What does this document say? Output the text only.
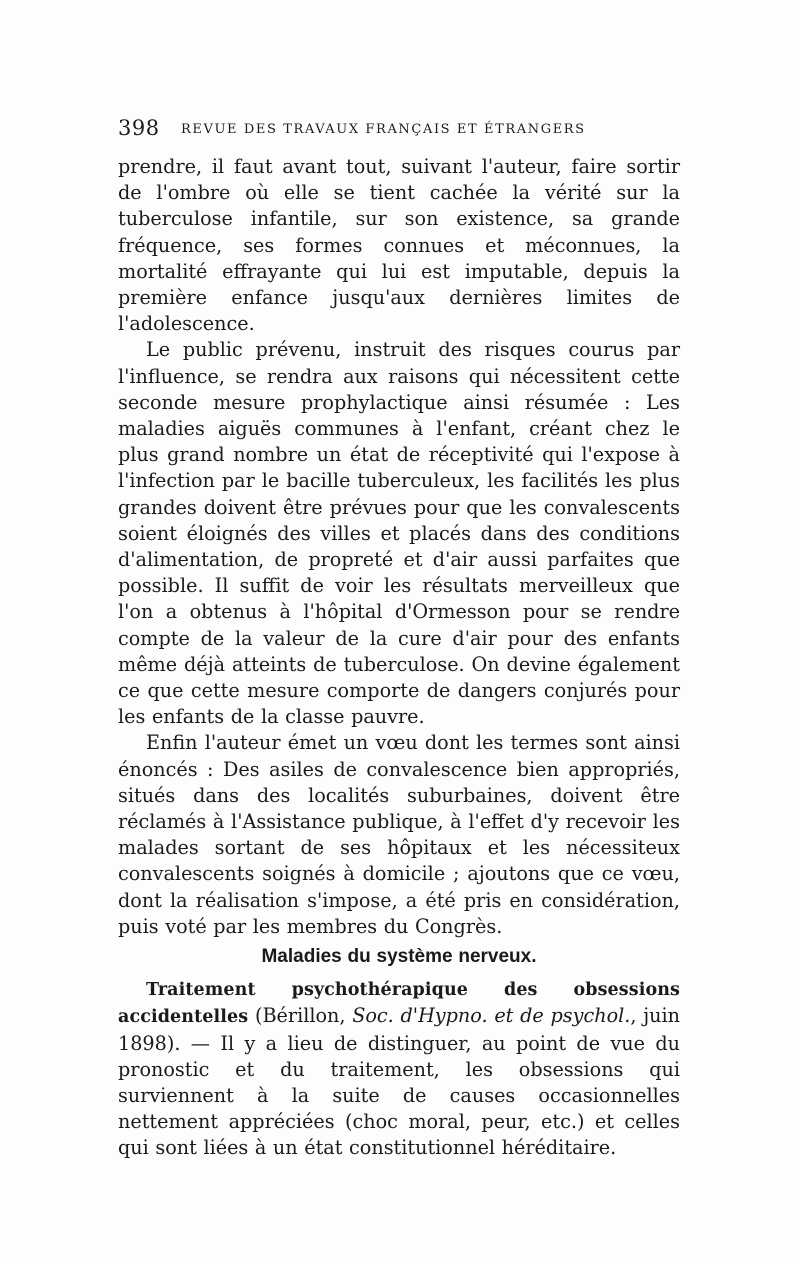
398 REVUE DES TRAVAUX FRANÇAIS ET ÉTRANGERS

prendre, il faut avant tout, suivant l'auteur, faire sortir de l'ombre où elle se tient cachée la vérité sur la tuberculose infantile, sur son existence, sa grande fréquence, ses formes connues et méconnues, la mortalité effrayante qui lui est imputable, depuis la première enfance jusqu'aux dernières limites de l'adolescence.

Le public prévenu, instruit des risques courus par l'influence, se rendra aux raisons qui nécessitent cette seconde mesure prophylactique ainsi résumée : Les maladies aiguës communes à l'enfant, créant chez le plus grand nombre un état de réceptivité qui l'expose à l'infection par le bacille tuberculeux, les facilités les plus grandes doivent être prévues pour que les convalescents soient éloignés des villes et placés dans des conditions d'alimentation, de propreté et d'air aussi parfaites que possible. Il suffit de voir les résultats merveilleux que l'on a obtenus à l'hôpital d'Ormesson pour se rendre compte de la valeur de la cure d'air pour des enfants même déjà atteints de tuberculose. On devine également ce que cette mesure comporte de dangers conjurés pour les enfants de la classe pauvre.

Enfin l'auteur émet un vœu dont les termes sont ainsi énoncés : Des asiles de convalescence bien appropriés, situés dans des localités suburbaines, doivent être réclamés à l'Assistance publique, à l'effet d'y recevoir les malades sortant de ses hôpitaux et les nécessiteux convalescents soignés à domicile ; ajoutons que ce vœu, dont la réalisation s'impose, a été pris en considération, puis voté par les membres du Congrès.

Maladies du système nerveux.

Traitement psychothérapique des obsessions accidentelles (Bérillon, Soc. d'Hypno. et de psychol., juin 1898). — Il y a lieu de distinguer, au point de vue du pronostic et du traitement, les obsessions qui surviennent à la suite de causes occasionnelles nettement appréciées (choc moral, peur, etc.) et celles qui sont liées à un état constitutionnel héréditaire.
